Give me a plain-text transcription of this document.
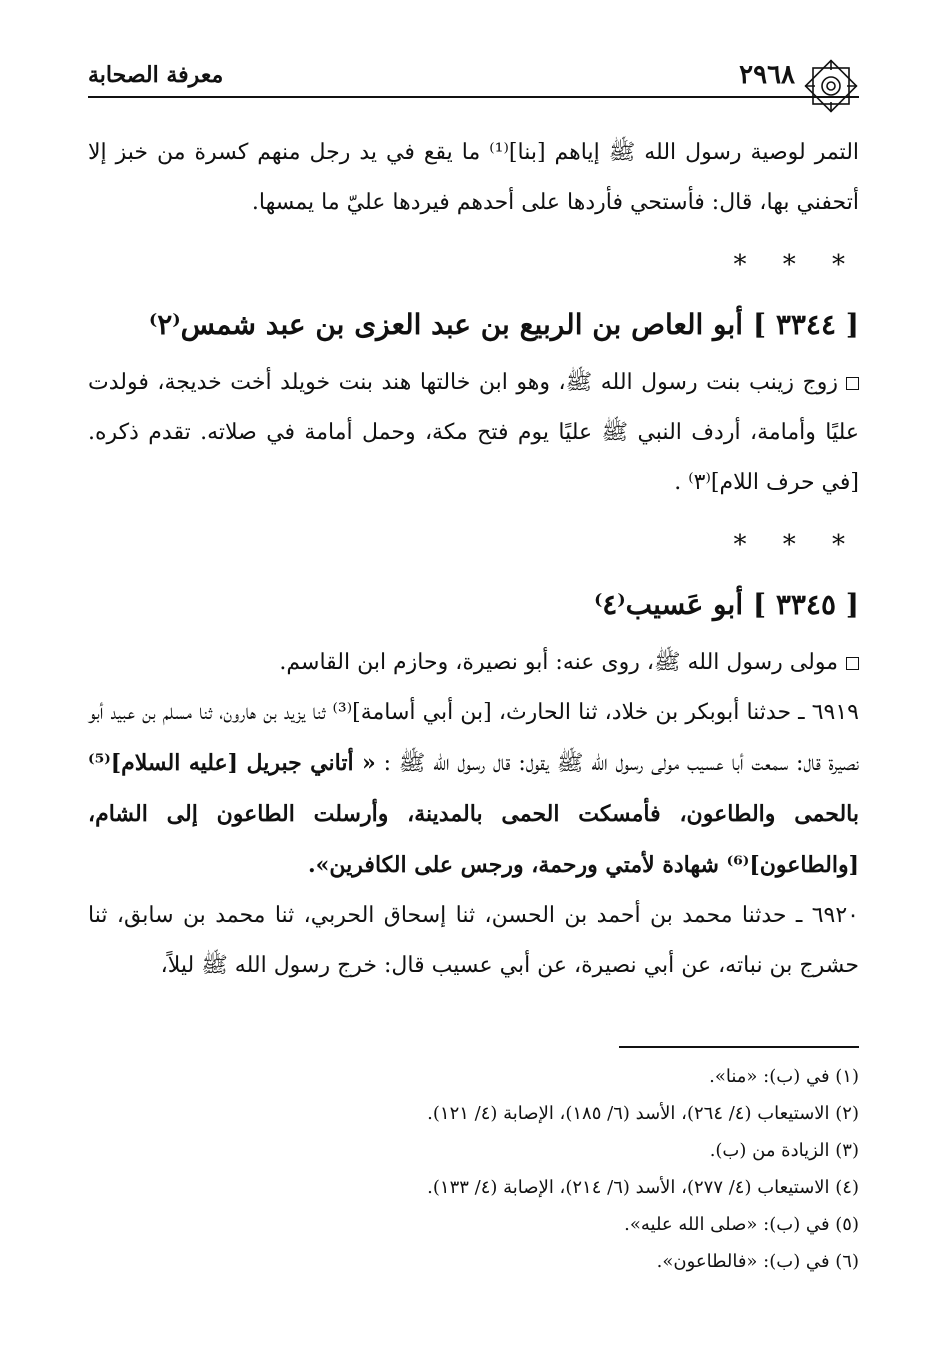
٢٩٦٨
معرفة الصحابة

التمر لوصية رسول الله ﷺ إياهم [بنا]⁽¹⁾ ما يقع في يد رجل منهم كسرة من خبز إلا أتحفني بها، قال: فأستحي فأردها على أحدهم فيردها عليّ ما يمسها.

* * *
[ ٣٣٤٤ ] أبو العاص بن الربيع بن عبد العزى بن عبد شمس⁽٢⁾

زوج زينب بنت رسول الله ﷺ، وهو ابن خالتها هند بنت خويلد أخت خديجة، فولدت عليًا وأمامة، أردف النبي ﷺ عليًا يوم فتح مكة، وحمل أمامة في صلاته. تقدم ذكره. [في حرف اللام]⁽٣⁾ .

* * *
[ ٣٣٤٥ ] أبو عَسيب⁽٤⁾

مولى رسول الله ﷺ، روى عنه: أبو نصيرة، وحازم ابن القاسم.

٦٩١٩ ـ حدثنا أبوبكر بن خلاد، ثنا الحارث، [بن أبي أسامة]⁽³⁾ ثنا يزيد بن هارون، ثنا مسلم بن عبيد أبو نصيرة قال: سمعت أبا عسيب مولى رسول الله ﷺ يقول: قال رسول الله ﷺ : « أتاني جبريل [عليه السلام]⁽⁵⁾ بالحمى والطاعون، فأمسكت الحمى بالمدينة، وأرسلت الطاعون إلى الشام، [والطاعون]⁽⁶⁾ شهادة لأمتي ورحمة، ورجس على الكافرين».

٦٩٢٠ ـ حدثنا محمد بن أحمد بن الحسن، ثنا إسحاق الحربي، ثنا محمد بن سابق، ثنا حشرج بن نباته، عن أبي نصيرة، عن أبي عسيب قال: خرج رسول الله ﷺ ليلاً،

(١) في (ب): «منا».

(٢) الاستيعاب (٤/ ٢٦٤)، الأسد (٦/ ١٨٥)، الإصابة (٤/ ١٢١).

(٣) الزيادة من (ب).

(٤) الاستيعاب (٤/ ٢٧٧)، الأسد (٦/ ٢١٤)، الإصابة (٤/ ١٣٣).

(٥) في (ب): «صلى الله عليه».

(٦) في (ب): «فالطاعون».
